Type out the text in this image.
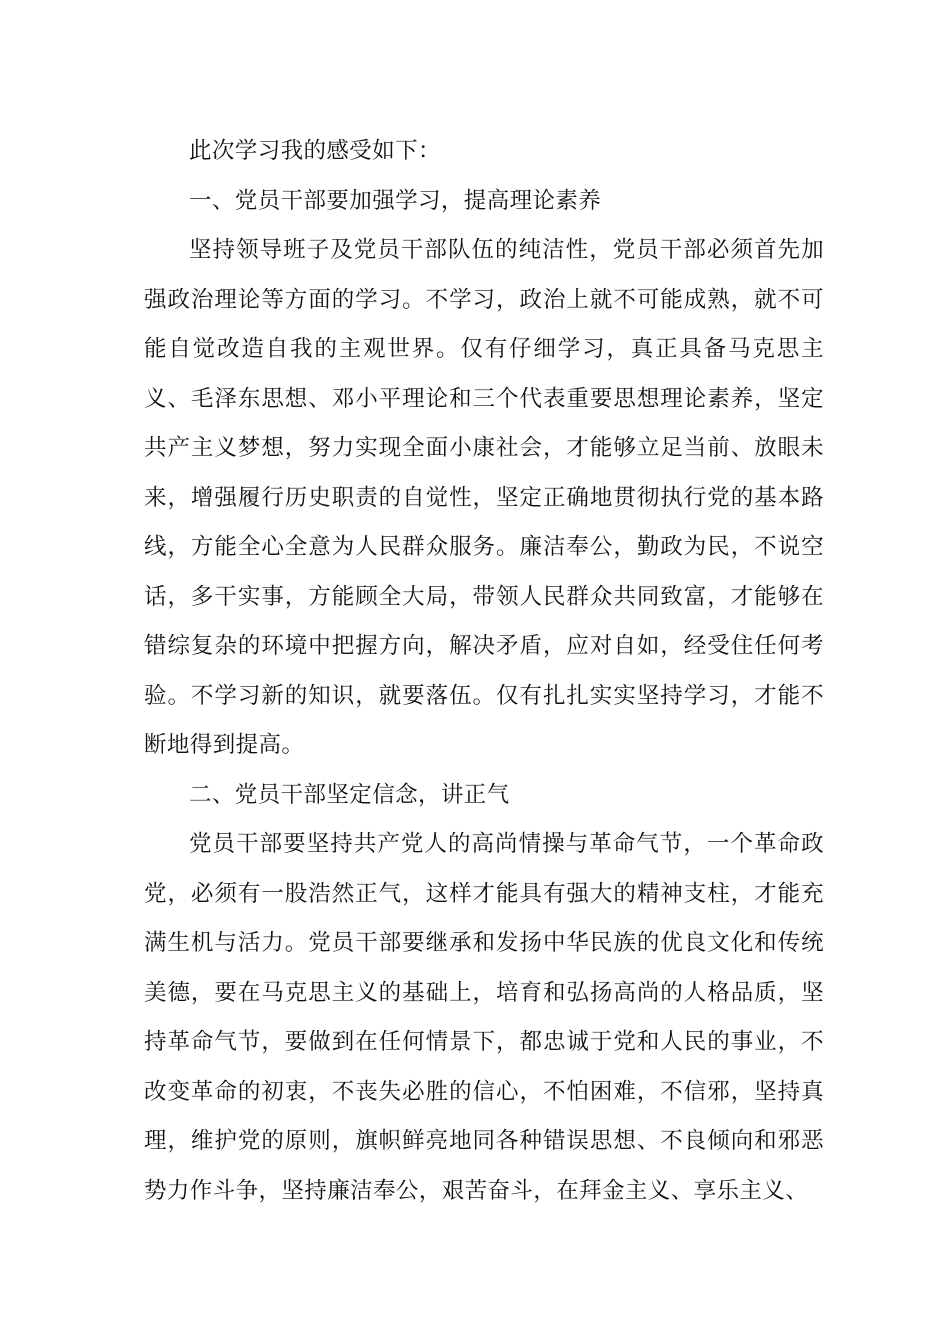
此次学习我的感受如下：

一、党员干部要加强学习，提高理论素养

坚持领导班子及党员干部队伍的纯洁性，党员干部必须首先加强政治理论等方面的学习。不学习，政治上就不可能成熟，就不可能自觉改造自我的主观世界。仅有仔细学习，真正具备马克思主义、毛泽东思想、邓小平理论和三个代表重要思想理论素养，坚定共产主义梦想，努力实现全面小康社会，才能够立足当前、放眼未来，增强履行历史职责的自觉性，坚定正确地贯彻执行党的基本路线，方能全心全意为人民群众服务。廉洁奉公，勤政为民，不说空话，多干实事，方能顾全大局，带领人民群众共同致富，才能够在错综复杂的环境中把握方向，解决矛盾，应对自如，经受住任何考验。不学习新的知识，就要落伍。仅有扎扎实实坚持学习，才能不断地得到提高。

二、党员干部坚定信念，讲正气

党员干部要坚持共产党人的高尚情操与革命气节，一个革命政党，必须有一股浩然正气，这样才能具有强大的精神支柱，才能充满生机与活力。党员干部要继承和发扬中华民族的优良文化和传统美德，要在马克思主义的基础上，培育和弘扬高尚的人格品质，坚持革命气节，要做到在任何情景下，都忠诚于党和人民的事业，不改变革命的初衷，不丧失必胜的信心，不怕困难，不信邪，坚持真理，维护党的原则，旗帜鲜亮地同各种错误思想、不良倾向和邪恶势力作斗争，坚持廉洁奉公，艰苦奋斗，在拜金主义、享乐主义、
